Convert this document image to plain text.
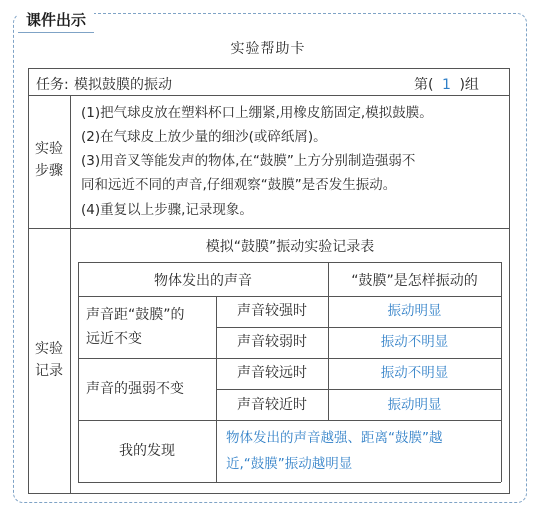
课件出示
实验帮助卡
任务: 模拟鼓膜的振动	第( 1 )组
实验
步骤
(1)把气球皮放在塑料杯口上绷紧,用橡皮筋固定,模拟鼓膜。
(2)在气球皮上放少量的细沙(或碎纸屑)。
(3)用音叉等能发声的物体,在“鼓膜”上方分别制造强弱不
同和远近不同的声音,仔细观察“鼓膜”是否发生振动。
(4)重复以上步骤,记录现象。
实验
记录
模拟“鼓膜”振动实验记录表
物体发出的声音	“鼓膜”是怎样振动的
声音距“鼓膜”的
远近不变
声音较强时	振动明显
声音较弱时	振动不明显
声音的强弱不变
声音较远时	振动不明显
声音较近时	振动明显
我的发现
物体发出的声音越强、距离“鼓膜”越
近,“鼓膜”振动越明显
